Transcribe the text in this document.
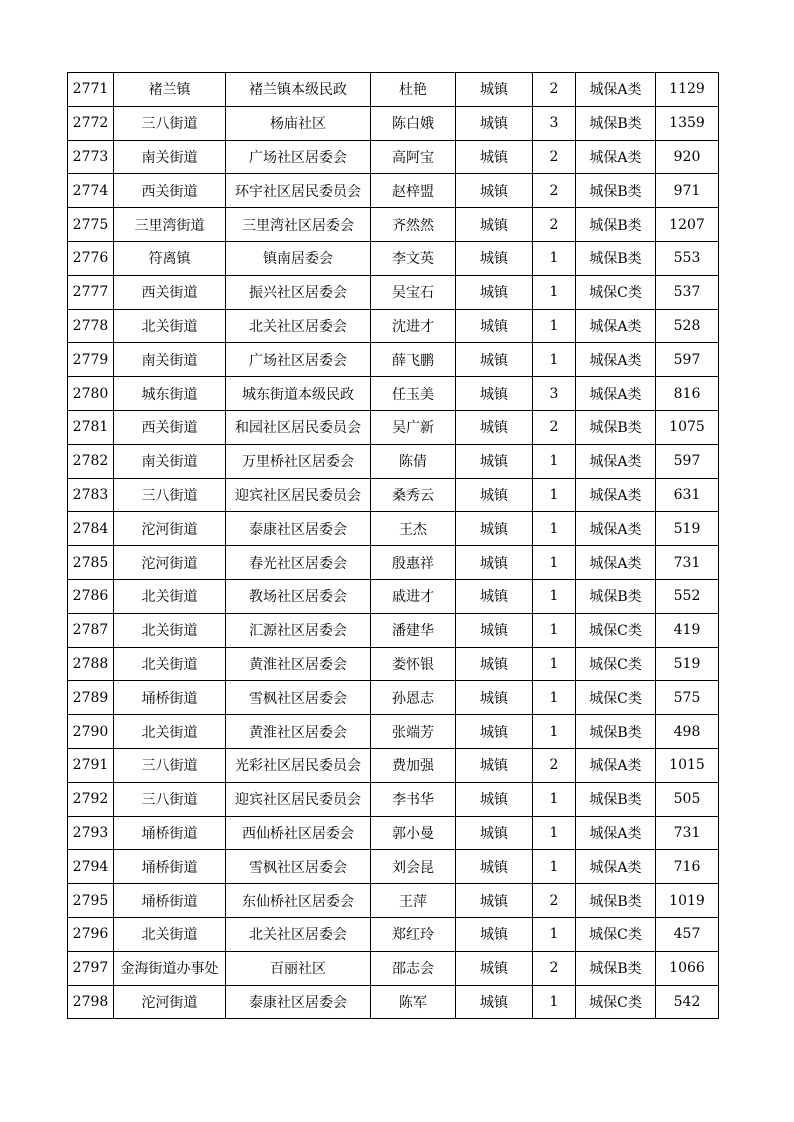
2771	褚兰镇	褚兰镇本级民政	杜艳	城镇	2	城保A类	1129
2772	三八街道	杨庙社区	陈白娥	城镇	3	城保B类	1359
2773	南关街道	广场社区居委会	高阿宝	城镇	2	城保A类	920
2774	西关街道	环宇社区居民委员会	赵梓盟	城镇	2	城保B类	971
2775	三里湾街道	三里湾社区居委会	齐然然	城镇	2	城保B类	1207
2776	符离镇	镇南居委会	李文英	城镇	1	城保B类	553
2777	西关街道	振兴社区居委会	吴宝石	城镇	1	城保C类	537
2778	北关街道	北关社区居委会	沈进才	城镇	1	城保A类	528
2779	南关街道	广场社区居委会	薛飞鹏	城镇	1	城保A类	597
2780	城东街道	城东街道本级民政	任玉美	城镇	3	城保A类	816
2781	西关街道	和园社区居民委员会	吴广新	城镇	2	城保B类	1075
2782	南关街道	万里桥社区居委会	陈倩	城镇	1	城保A类	597
2783	三八街道	迎宾社区居民委员会	桑秀云	城镇	1	城保A类	631
2784	沱河街道	泰康社区居委会	王杰	城镇	1	城保A类	519
2785	沱河街道	春光社区居委会	殷惠祥	城镇	1	城保A类	731
2786	北关街道	教场社区居委会	戚进才	城镇	1	城保B类	552
2787	北关街道	汇源社区居委会	潘建华	城镇	1	城保C类	419
2788	北关街道	黄淮社区居委会	娄怀银	城镇	1	城保C类	519
2789	埇桥街道	雪枫社区居委会	孙恩志	城镇	1	城保C类	575
2790	北关街道	黄淮社区居委会	张端芳	城镇	1	城保B类	498
2791	三八街道	光彩社区居民委员会	费加强	城镇	2	城保A类	1015
2792	三八街道	迎宾社区居民委员会	李书华	城镇	1	城保B类	505
2793	埇桥街道	西仙桥社区居委会	郭小曼	城镇	1	城保A类	731
2794	埇桥街道	雪枫社区居委会	刘会昆	城镇	1	城保A类	716
2795	埇桥街道	东仙桥社区居委会	王萍	城镇	2	城保B类	1019
2796	北关街道	北关社区居委会	郑红玲	城镇	1	城保C类	457
2797	金海街道办事处	百丽社区	邵志会	城镇	2	城保B类	1066
2798	沱河街道	泰康社区居委会	陈军	城镇	1	城保C类	542
